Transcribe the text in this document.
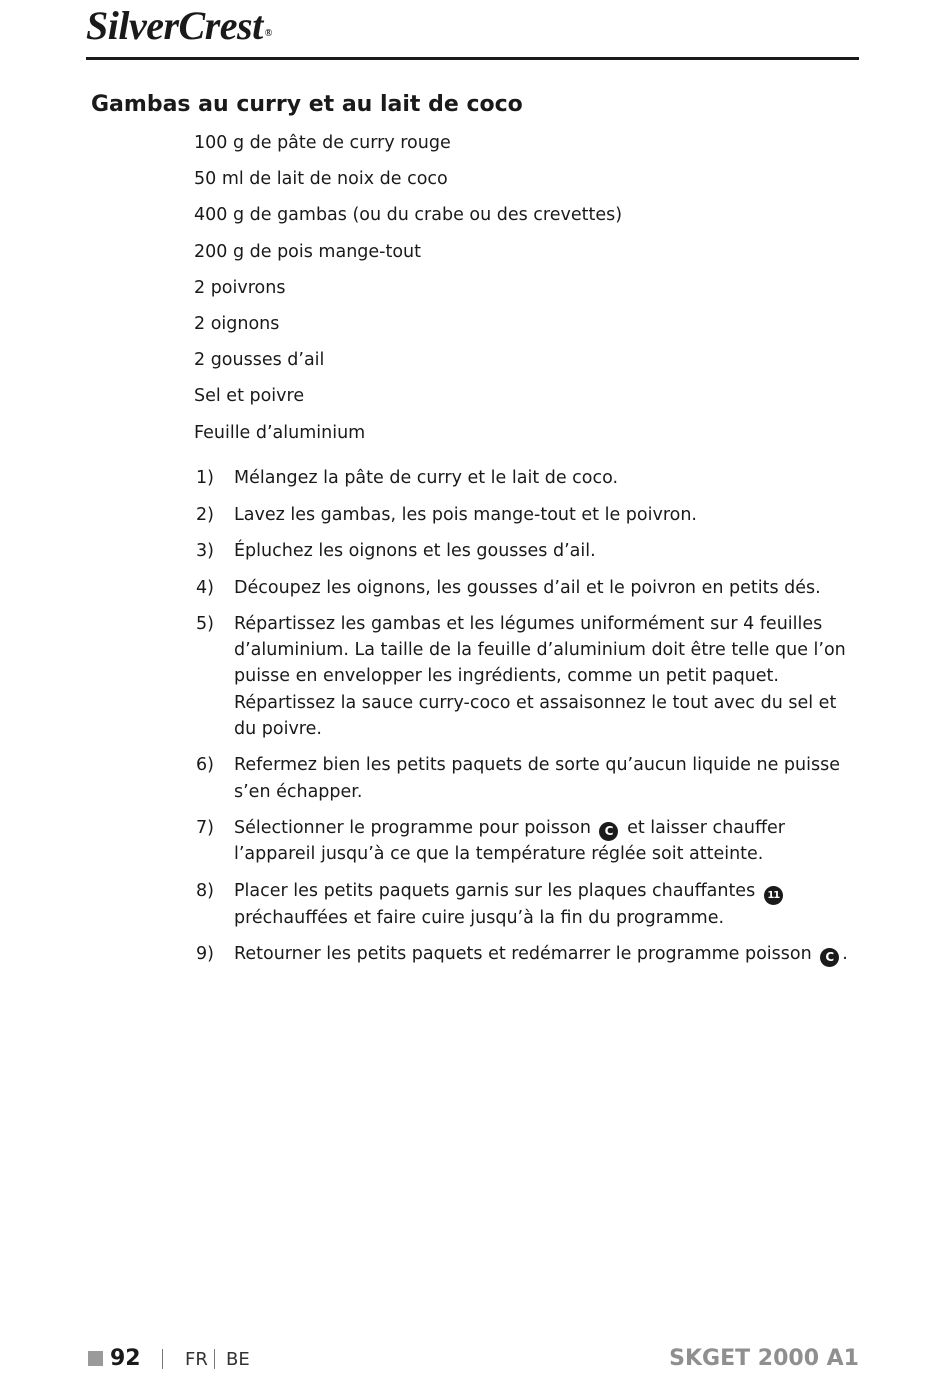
SilverCrest ®
Gambas au curry et au lait de coco
100 g de pâte de curry rouge
50 ml de lait de noix de coco
400 g de gambas (ou du crabe ou des crevettes)
200 g de pois mange-tout
2 poivrons
2 oignons
2 gousses d’ail
Sel et poivre
Feuille d’aluminium
1)	Mélangez la pâte de curry et le lait de coco.
2)	Lavez les gambas, les pois mange-tout et le poivron.
3)	Épluchez les oignons et les gousses d’ail.
4)	Découpez les oignons, les gousses d’ail et le poivron en petits dés.
5)	Répartissez les gambas et les légumes uniformément sur 4 feuilles d’aluminium. La taille de la feuille d’aluminium doit être telle que l’on puisse en envelopper les ingrédients, comme un petit paquet. Répartissez la sauce curry-coco et assaisonnez le tout avec du sel et du poivre.
6)	Refermez bien les petits paquets de sorte qu’aucun liquide ne puisse s’en échapper.
7)	Sélectionner le programme pour poisson C et laisser chauffer l’appareil jusqu’à ce que la température réglée soit atteinte.
8)	Placer les petits paquets garnis sur les plaques chauffantes 11 préchauffées et faire cuire jusqu’à la fin du programme.
9)	Retourner les petits paquets et redémarrer le programme poisson C .
92 FR BE	SKGET 2000 A1
